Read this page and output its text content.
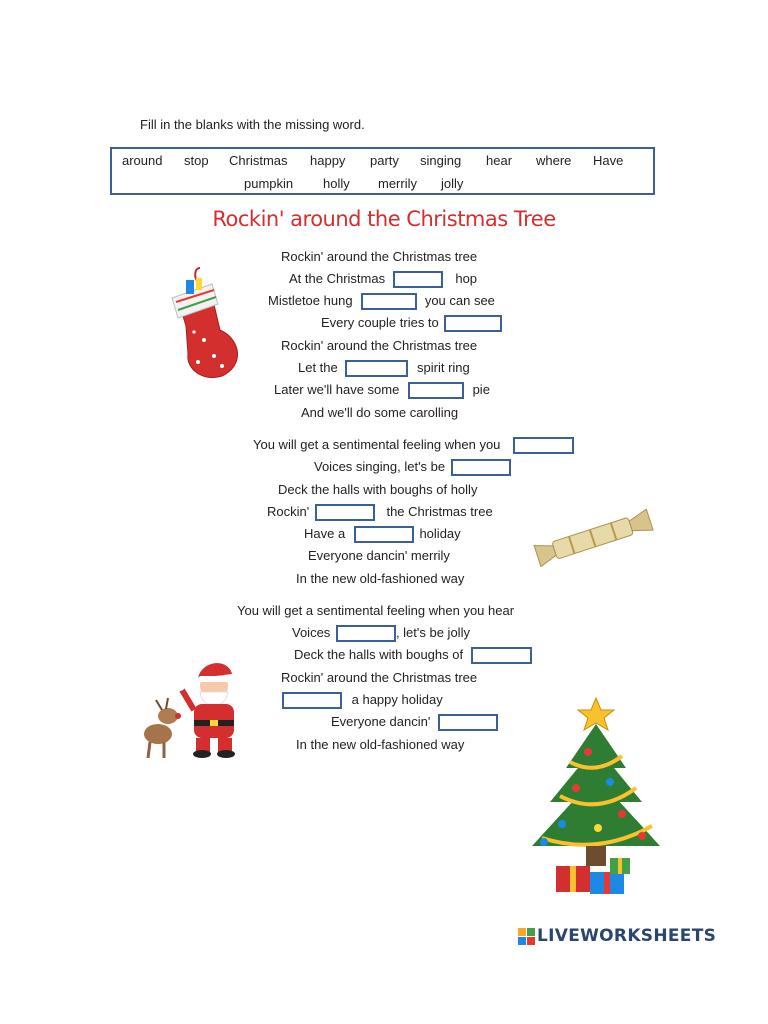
Fill in the blanks with the missing word.
around stop Christmas happy party singing hear where Have
pumpkin holly merrily jolly
Rockin' around the Christmas Tree
Rockin' around the Christmas tree
At the Christmas	hop
Mistletoe hung	you can see
Every couple tries to
Rockin' around the Christmas tree
Let the	spirit ring
Later we'll have some	pie
And we'll do some carolling
You will get a sentimental feeling when you
Voices singing, let's be
Deck the halls with boughs of holly
Rockin'	the Christmas tree
Have a	holiday
Everyone dancin' merrily
In the new old-fashioned way
You will get a sentimental feeling when you hear
Voices	, let's be jolly
Deck the halls with boughs of
Rockin' around the Christmas tree
a happy holiday
Everyone dancin'
In the new old-fashioned way
LIVEWORKSHEETS
